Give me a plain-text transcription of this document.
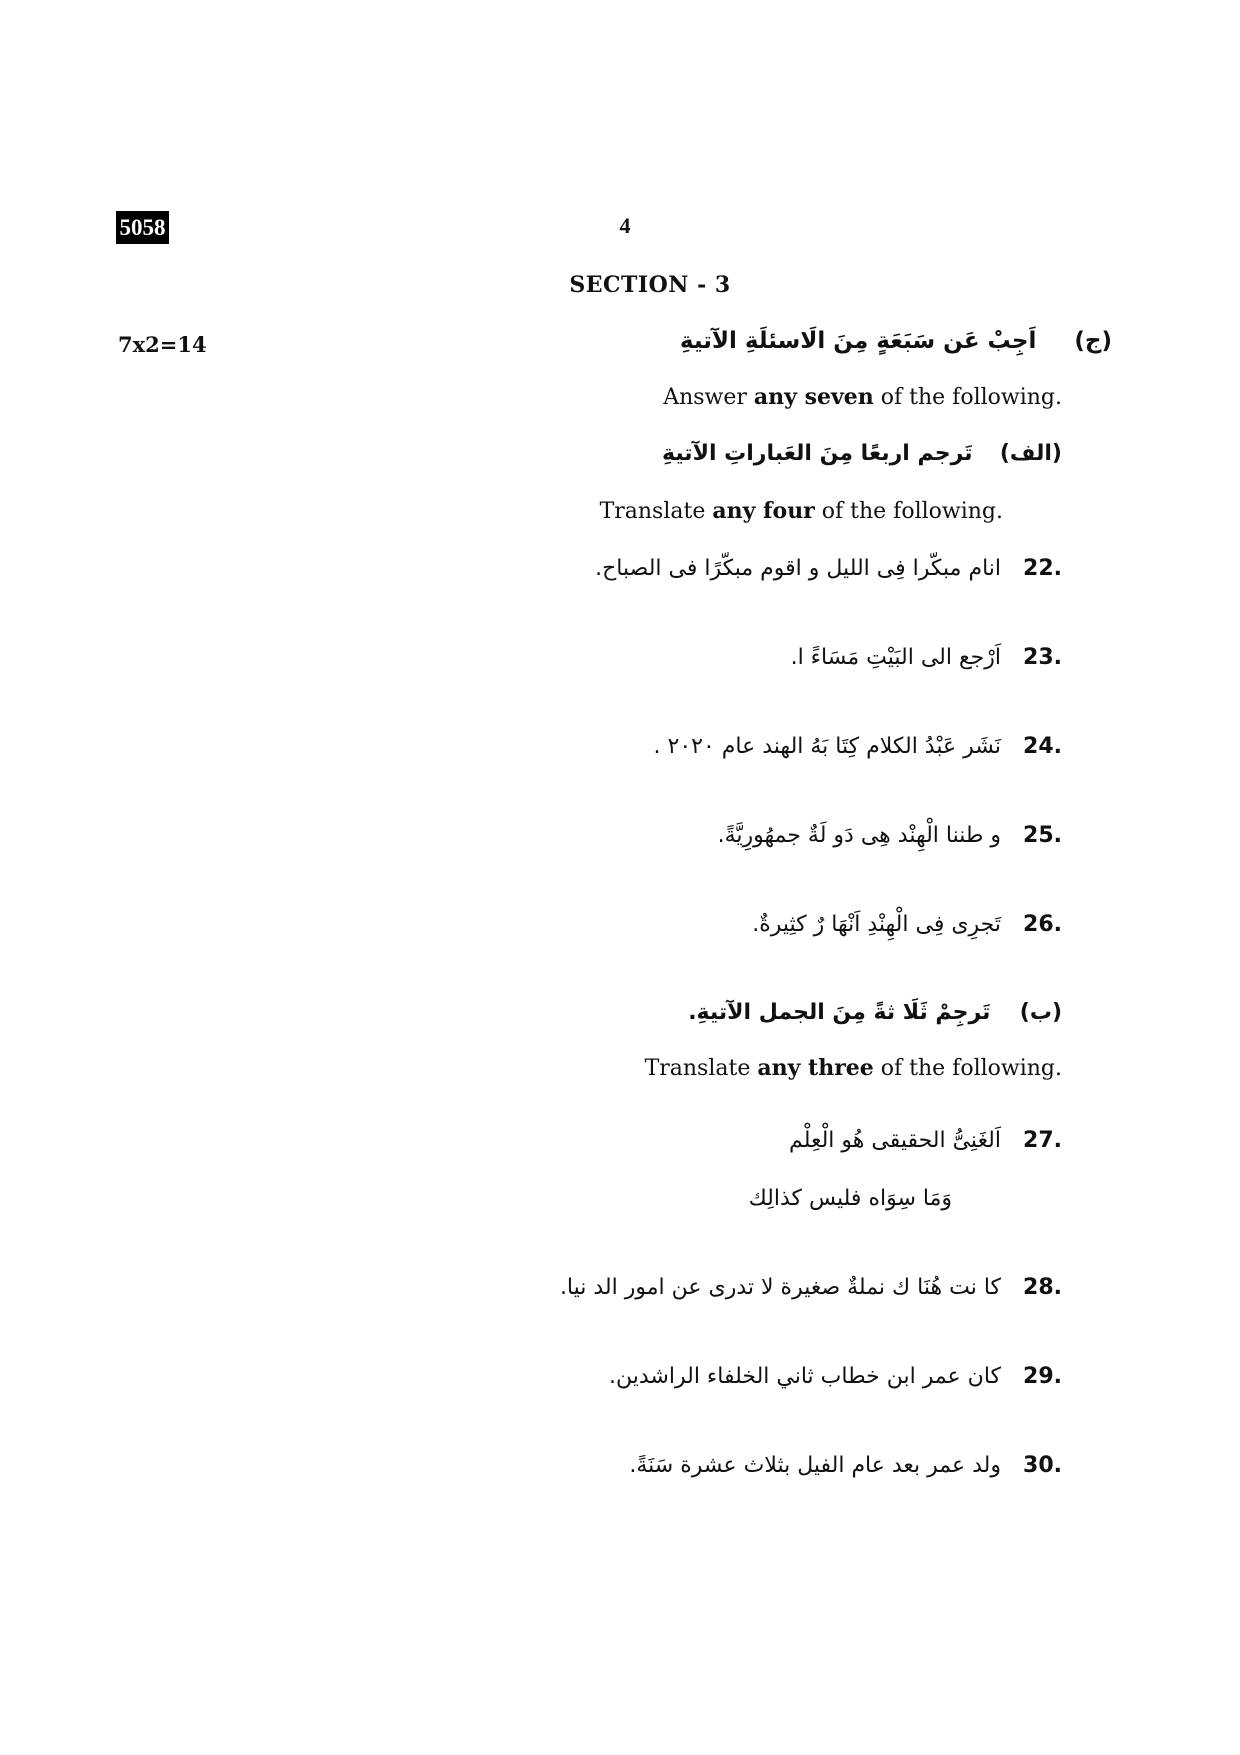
5058	4
SECTION - 3
7x2=14	(ج)  اَجِبْ عَن سَبَعَةٍ مِنَ الَاسئلَةِ الآتيةِ
Answer any seven of the following.
(الف)  تَرجم اربعًا مِنَ العَباراتِ الآتيةِ
Translate any four of the following.
22.
انام مبكّرا فِی اللیل و اقوم مبكّرًا فی الصباح.
23.
اَرْجع الی البَیْتِ مَسَاءً ا.
24.
نَشَر عَبْدُ الكلام كِتَا بَهُ الهند عام ۲۰۲۰ .
25.
و طننا الْهِنْد هِی دَو لَةٌ جمهُورِیَّةً.
26.
تَجرِی فِی الْهِنْدِ اَنْهَا رٌ كثِیرةٌ.
(ب)  تَرجِمْ ثَلَا ثةً مِنَ الجمل الآتيةِ.
Translate any three of the following.
27.
اَلغَنِیُّ الحقیقی هُو الْعِلْم
وَمَا سِوَاه فلیس كذالِك
28.
كا نت هُنَا ك نملةٌ صغیرة لا تدری عن امور الد نیا.
29.
كان عمر ابن خطاب ثاني الخلفاء الراشدين.
30.
ولد عمر بعد عام الفیل بثلاث عشرة سَنَةً.
